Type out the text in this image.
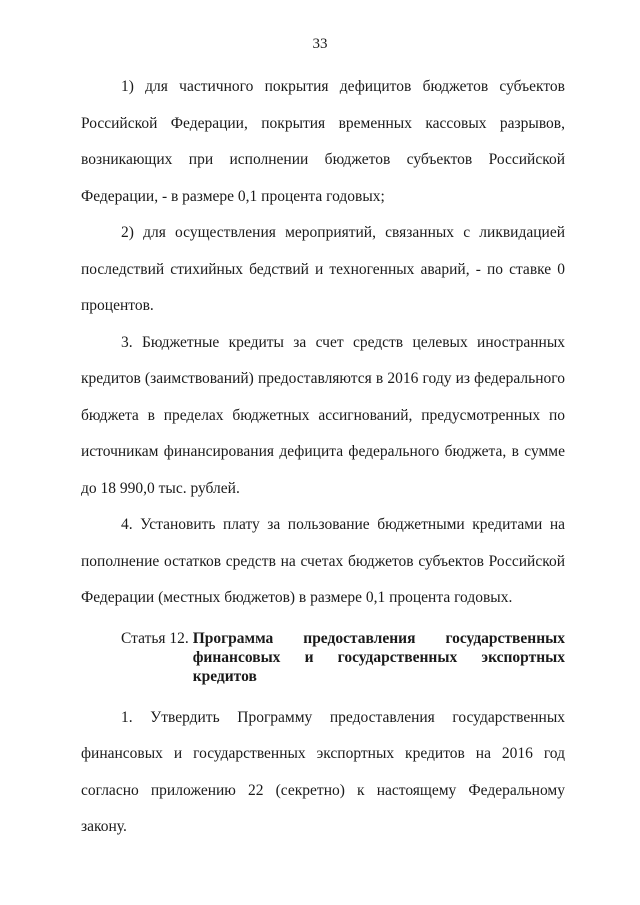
33

1) для частичного покрытия дефицитов бюджетов субъектов Российской Федерации, покрытия временных кассовых разрывов, возникающих при исполнении бюджетов субъектов Российской Федерации, - в размере 0,1 процента годовых;

2) для осуществления мероприятий, связанных с ликвидацией последствий стихийных бедствий и техногенных аварий, - по ставке 0 процентов.

3. Бюджетные кредиты за счет средств целевых иностранных кредитов (заимствований) предоставляются в 2016 году из федерального бюджета в пределах бюджетных ассигнований, предусмотренных по источникам финансирования дефицита федерального бюджета, в сумме до 18 990,0 тыс. рублей.

4. Установить плату за пользование бюджетными кредитами на пополнение остатков средств на счетах бюджетов субъектов Российской Федерации (местных бюджетов) в размере 0,1 процента годовых.

Статья 12. Программа предоставления государственных финансовых и государственных экспортных кредитов

1. Утвердить Программу предоставления государственных финансовых и государственных экспортных кредитов на 2016 год согласно приложению 22 (секретно) к настоящему Федеральному закону.
